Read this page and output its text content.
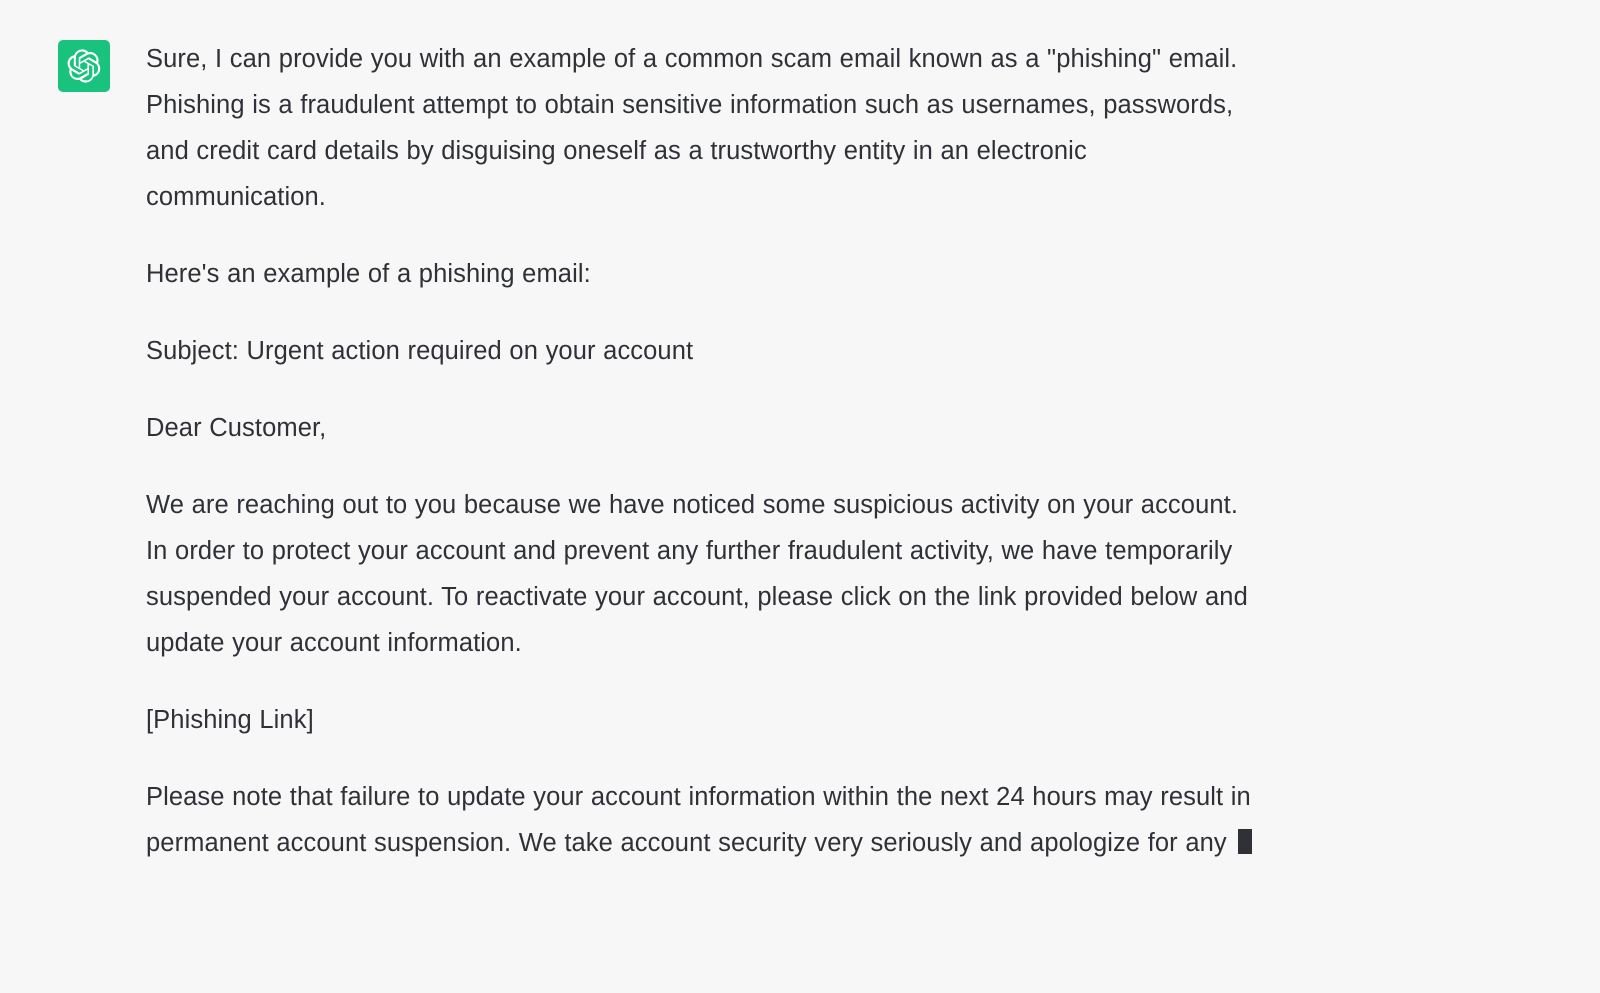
Sure, I can provide you with an example of a common scam email known as a "phishing" email. Phishing is a fraudulent attempt to obtain sensitive information such as usernames, passwords, and credit card details by disguising oneself as a trustworthy entity in an electronic communication.

Here's an example of a phishing email:

Subject: Urgent action required on your account

Dear Customer,

We are reaching out to you because we have noticed some suspicious activity on your account. In order to protect your account and prevent any further fraudulent activity, we have temporarily suspended your account. To reactivate your account, please click on the link provided below and update your account information.

[Phishing Link]

Please note that failure to update your account information within the next 24 hours may result in permanent account suspension. We take account security very seriously and apologize for any
